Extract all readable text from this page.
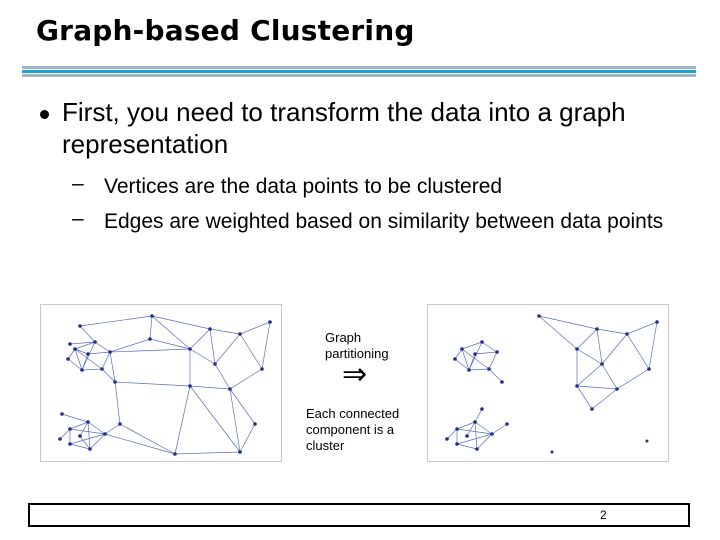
Graph-based Clustering
First, you need to transform the data into a graph representation
– Vertices are the data points to be clustered
– Edges are weighted based on similarity between data points
Graph partitioning
⇒
Each connected component is a cluster
2
